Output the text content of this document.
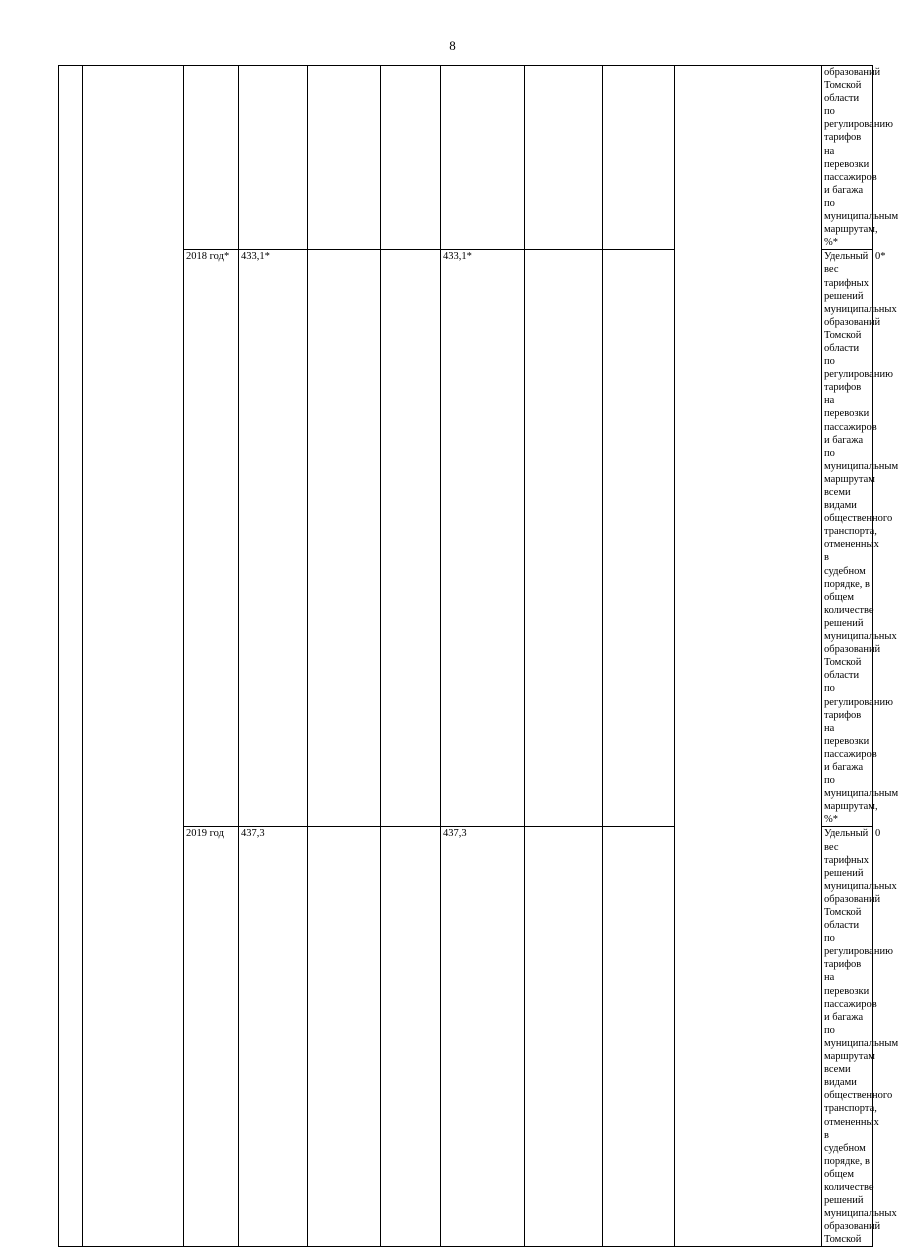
8
										образований Томской области по регулированию тарифов на перевозки пассажиров и багажа по муниципальным маршрутам, %*	
		2018 год*	433,1*			433,1*				Удельный вес тарифных решений муниципальных образований Томской области по регулированию тарифов на перевозки пассажиров и багажа по муниципальным маршрутам всеми видами общественного транспорта, отмененных в судебном порядке, в общем количестве решений муниципальных образований Томской области по регулированию тарифов на перевозки пассажиров и багажа по муниципальным маршрутам, %*	0*
		2019 год	437,3			437,3				Удельный вес тарифных решений муниципальных образований Томской области по регулированию тарифов на перевозки пассажиров и багажа по муниципальным маршрутам всеми видами общественного транспорта, отмененных в судебном порядке, в общем количестве решений муниципальных образований Томской	0
